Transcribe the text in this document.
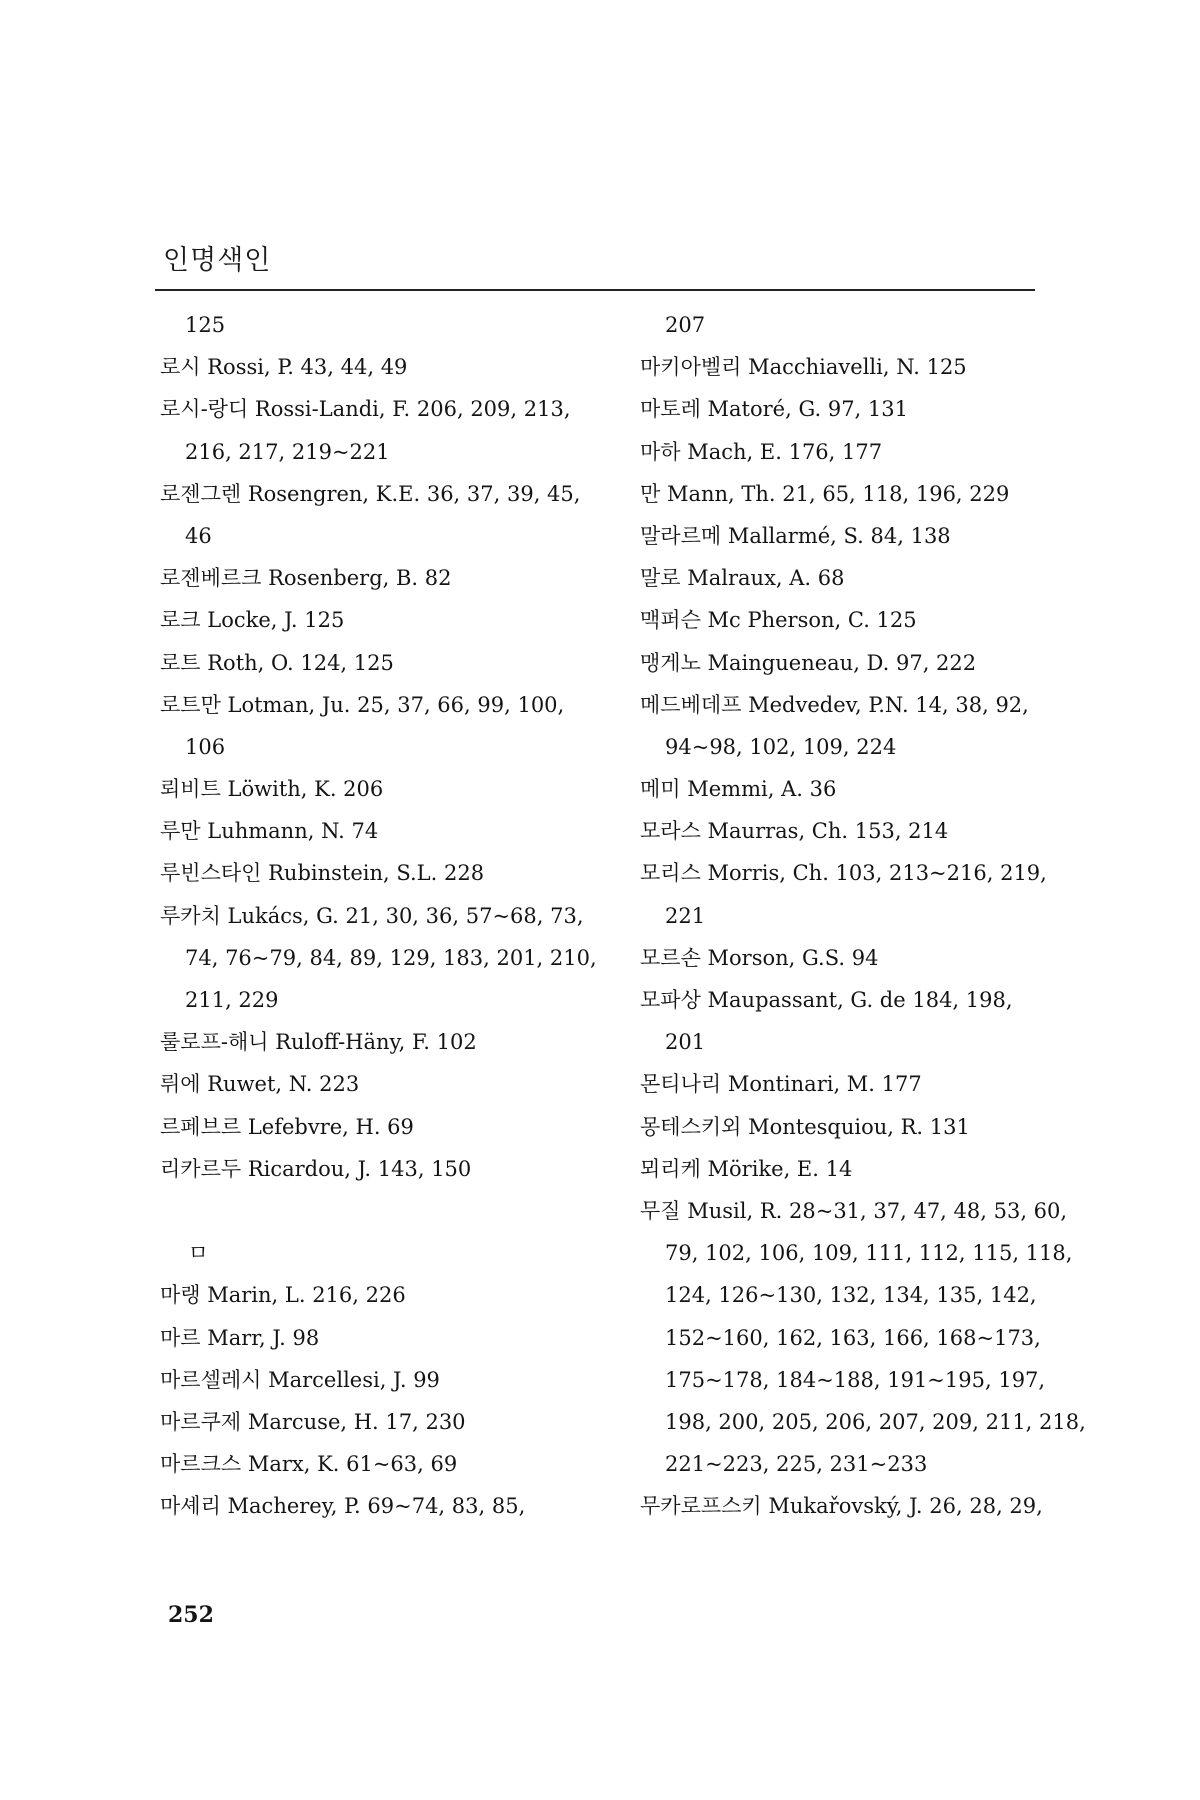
인명색인
125
로시 Rossi, P. 43, 44, 49
로시-랑디 Rossi-Landi, F. 206, 209, 213,
216, 217, 219~221
로젠그렌 Rosengren, K.E. 36, 37, 39, 45,
46
로젠베르크 Rosenberg, B. 82
로크 Locke, J. 125
로트 Roth, O. 124, 125
로트만 Lotman, Ju. 25, 37, 66, 99, 100,
106
뢰비트 Löwith, K. 206
루만 Luhmann, N. 74
루빈스타인 Rubinstein, S.L. 228
루카치 Lukács, G. 21, 30, 36, 57~68, 73,
74, 76~79, 84, 89, 129, 183, 201, 210,
211, 229
룰로프-해니 Ruloff-Häny, F. 102
뤼에 Ruwet, N. 223
르페브르 Lefebvre, H. 69
리카르두 Ricardou, J. 143, 150
ㅁ
마랭 Marin, L. 216, 226
마르 Marr, J. 98
마르셀레시 Marcellesi, J. 99
마르쿠제 Marcuse, H. 17, 230
마르크스 Marx, K. 61~63, 69
마셰리 Macherey, P. 69~74, 83, 85,
207
마키아벨리 Macchiavelli, N. 125
마토레 Matoré, G. 97, 131
마하 Mach, E. 176, 177
만 Mann, Th. 21, 65, 118, 196, 229
말라르메 Mallarmé, S. 84, 138
말로 Malraux, A. 68
맥퍼슨 Mc Pherson, C. 125
맹게노 Maingueneau, D. 97, 222
메드베데프 Medvedev, P.N. 14, 38, 92,
94~98, 102, 109, 224
메미 Memmi, A. 36
모라스 Maurras, Ch. 153, 214
모리스 Morris, Ch. 103, 213~216, 219,
221
모르손 Morson, G.S. 94
모파상 Maupassant, G. de 184, 198,
201
몬티나리 Montinari, M. 177
몽테스키외 Montesquiou, R. 131
뫼리케 Mörike, E. 14
무질 Musil, R. 28~31, 37, 47, 48, 53, 60,
79, 102, 106, 109, 111, 112, 115, 118,
124, 126~130, 132, 134, 135, 142,
152~160, 162, 163, 166, 168~173,
175~178, 184~188, 191~195, 197,
198, 200, 205, 206, 207, 209, 211, 218,
221~223, 225, 231~233
무카로프스키 Mukařovský, J. 26, 28, 29,
252
